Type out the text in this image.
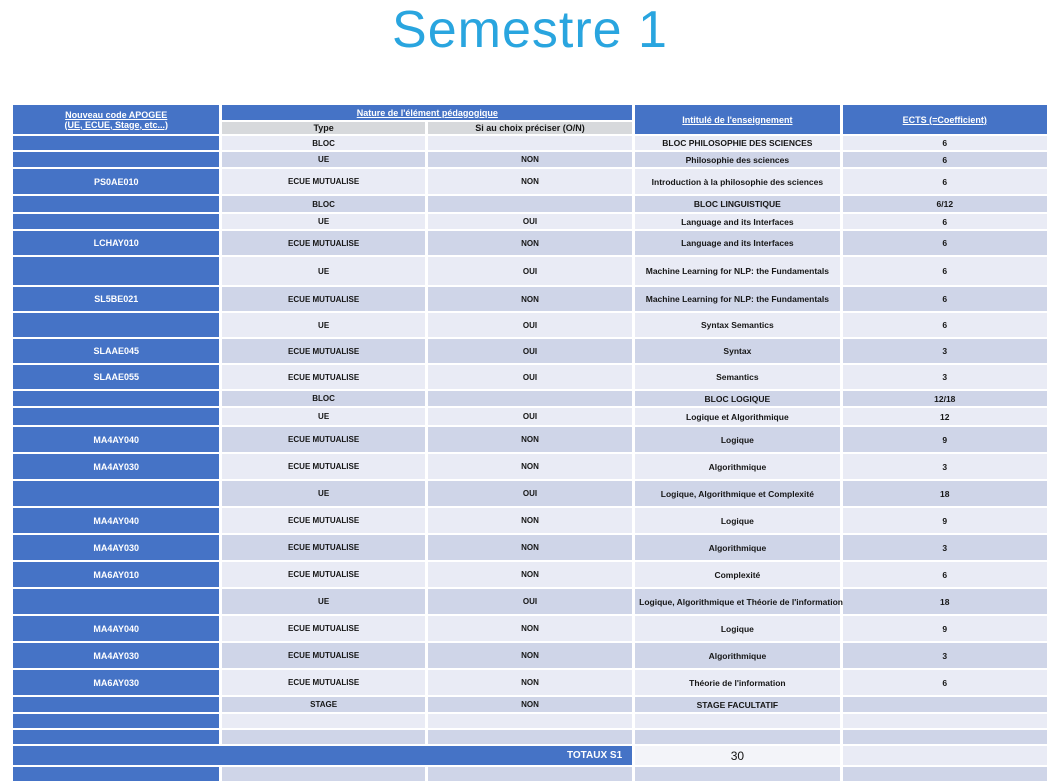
Semestre 1
Nouveau code APOGEE
(UE, ECUE, Stage, etc...)	Nature de l'élément pédagogique		Intitulé de l'enseignement	ECTS (=Coefficient)
	Type	Si au choix préciser (O/N)		
	BLOC		BLOC PHILOSOPHIE DES SCIENCES	6
	UE	NON	Philosophie des sciences	6
PS0AE010	ECUE MUTUALISE	NON	Introduction à la philosophie des sciences	6
	BLOC		BLOC LINGUISTIQUE	6/12
	UE	OUI	Language and its Interfaces	6
LCHAY010	ECUE MUTUALISE	NON	Language and its Interfaces	6
	UE	OUI	Machine Learning for NLP: the Fundamentals	6
SL5BE021	ECUE MUTUALISE	NON	Machine Learning for NLP: the Fundamentals	6
	UE	OUI	Syntax Semantics	6
SLAAE045	ECUE MUTUALISE	OUI	Syntax	3
SLAAE055	ECUE MUTUALISE	OUI	Semantics	3
	BLOC		BLOC LOGIQUE	12/18
	UE	OUI	Logique et Algorithmique	12
MA4AY040	ECUE MUTUALISE	NON	Logique	9
MA4AY030	ECUE MUTUALISE	NON	Algorithmique	3
	UE	OUI	Logique, Algorithmique et Complexité	18
MA4AY040	ECUE MUTUALISE	NON	Logique	9
MA4AY030	ECUE MUTUALISE	NON	Algorithmique	3
MA6AY010	ECUE MUTUALISE	NON	Complexité	6
	UE	OUI	Logique, Algorithmique et Théorie de l'information	18
MA4AY040	ECUE MUTUALISE	NON	Logique	9
MA4AY030	ECUE MUTUALISE	NON	Algorithmique	3
MA6AY030	ECUE MUTUALISE	NON	Théorie de l'information	6
	STAGE	NON	STAGE FACULTATIF	

TOTAUX S1			30	
